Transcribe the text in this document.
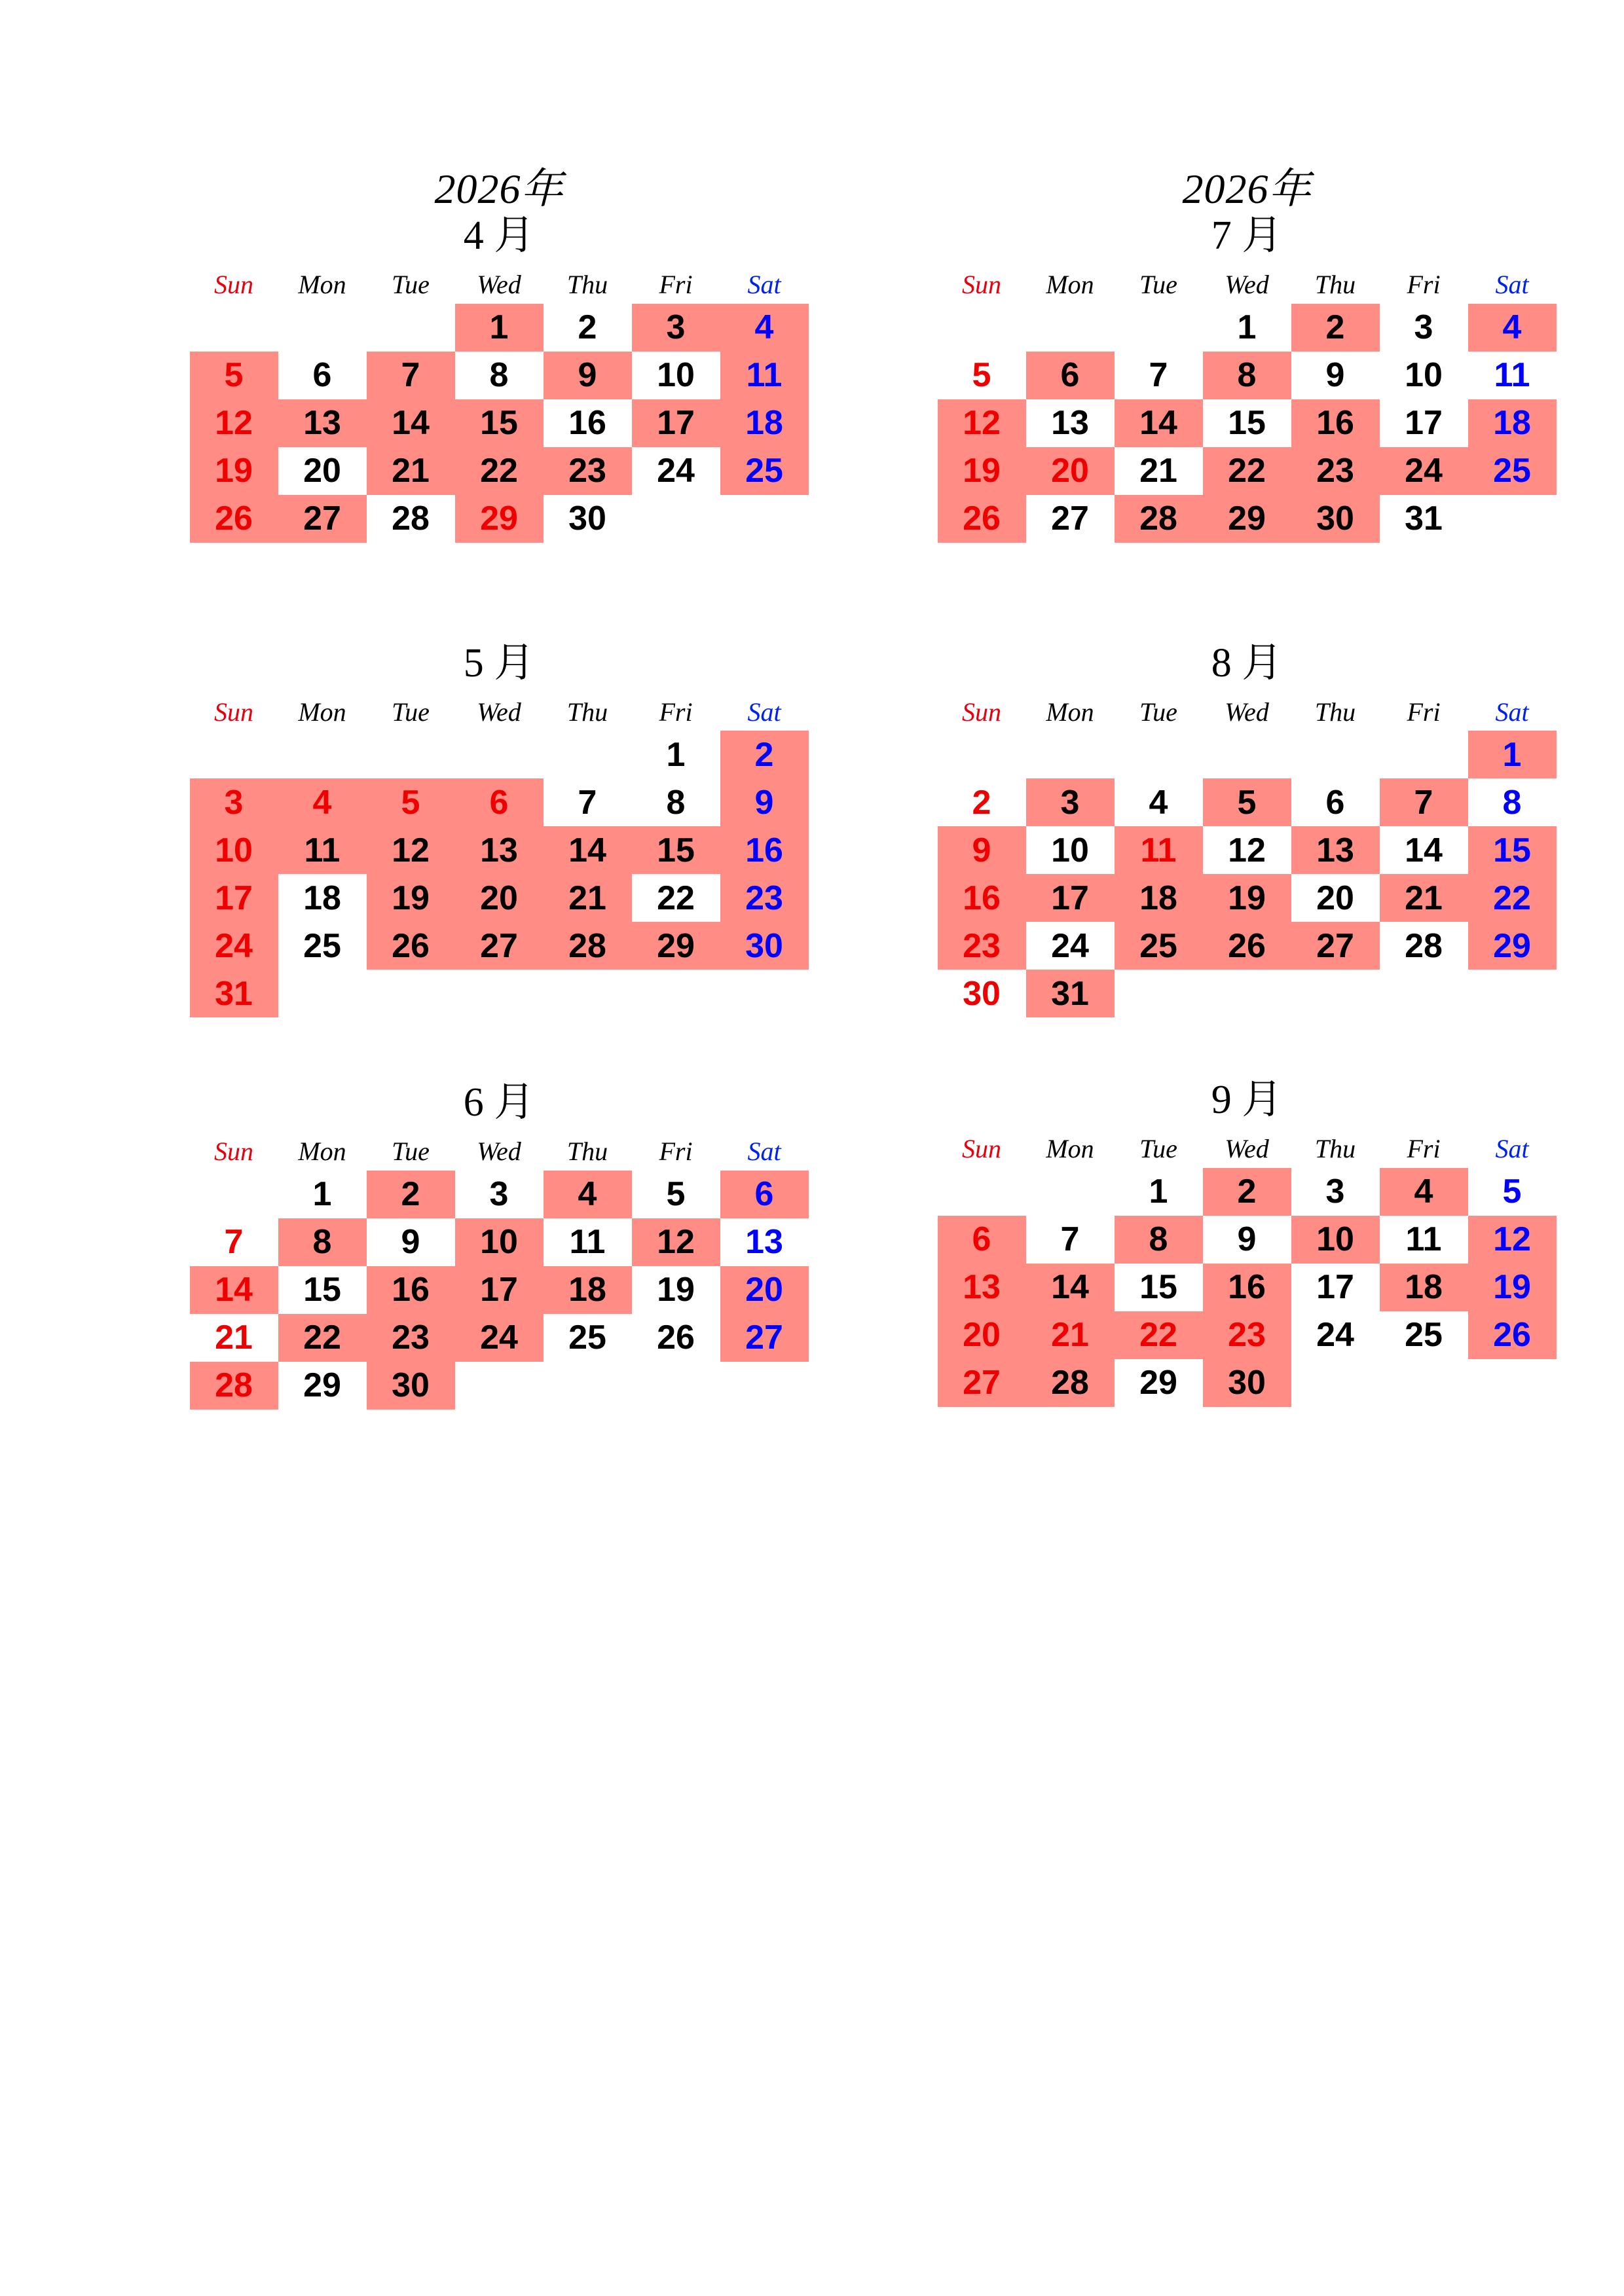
2026年
4 月
Sun	Mon	Tue	Wed	Thu	Fri	Sat
			1	2	3	4
5	6	7	8	9	10	11
12	13	14	15	16	17	18
19	20	21	22	23	24	25
26	27	28	29	30		
5 月
Sun	Mon	Tue	Wed	Thu	Fri	Sat
					1	2
3	4	5	6	7	8	9
10	11	12	13	14	15	16
17	18	19	20	21	22	23
24	25	26	27	28	29	30
31						
6 月
Sun	Mon	Tue	Wed	Thu	Fri	Sat
	1	2	3	4	5	6
7	8	9	10	11	12	13
14	15	16	17	18	19	20
21	22	23	24	25	26	27
28	29	30				
2026年
7 月
Sun	Mon	Tue	Wed	Thu	Fri	Sat
			1	2	3	4
5	6	7	8	9	10	11
12	13	14	15	16	17	18
19	20	21	22	23	24	25
26	27	28	29	30	31	
8 月
Sun	Mon	Tue	Wed	Thu	Fri	Sat
						1
2	3	4	5	6	7	8
9	10	11	12	13	14	15
16	17	18	19	20	21	22
23	24	25	26	27	28	29
30	31					
9 月
Sun	Mon	Tue	Wed	Thu	Fri	Sat
		1	2	3	4	5
6	7	8	9	10	11	12
13	14	15	16	17	18	19
20	21	22	23	24	25	26
27	28	29	30			
